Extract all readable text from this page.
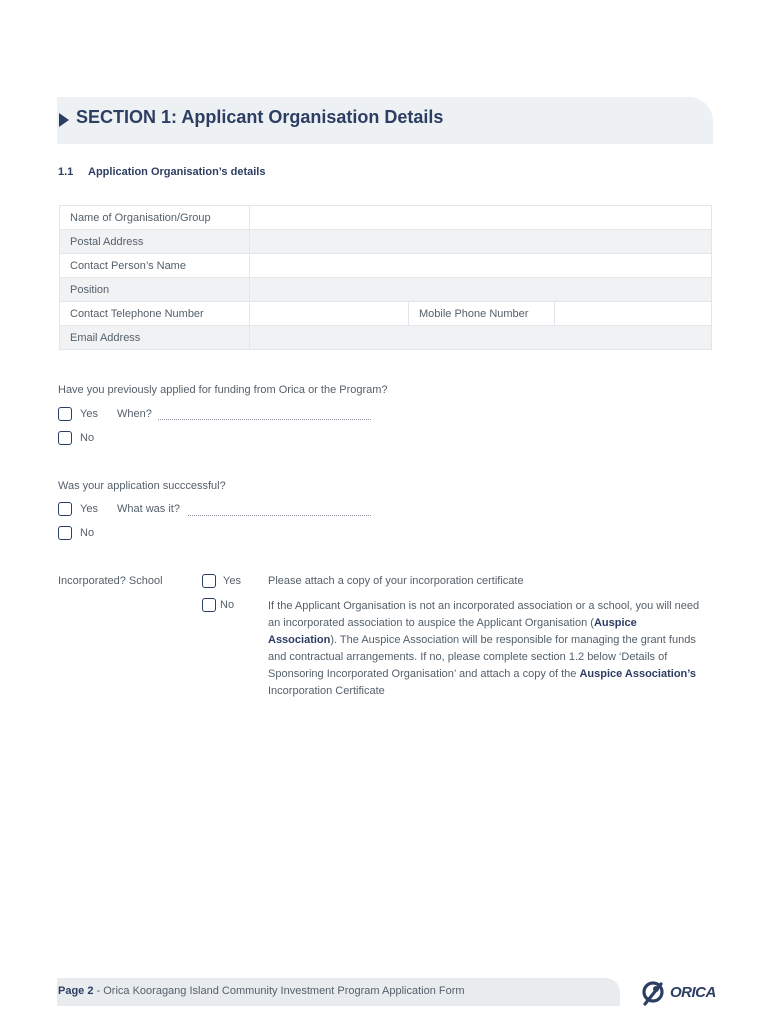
SECTION 1: Applicant Organisation Details
1.1 Application Organisation’s details
Name of Organisation/Group			
Postal Address			
Contact Person’s Name			
Position			
Contact Telephone Number		Mobile Phone Number	
Email Address			
Have you previously applied for funding from Orica or the Program?
Yes When?
No
Was your application succcessful?
Yes What was it?
No
Incorporated? School	Yes Please attach a copy of your incorporation certificate
No	If the Applicant Organisation is not an incorporated association or a school, you will need an incorporated association to auspice the Applicant Organisation (Auspice Association). The Auspice Association will be responsible for managing the grant funds and contractual arrangements. If no, please complete section 1.2 below ‘Details of Sponsoring Incorporated Organisation’ and attach a copy of the Auspice Association’s Incorporation Certificate
Page 2 - Orica Kooragang Island Community Investment Program Application Form	ORICA
